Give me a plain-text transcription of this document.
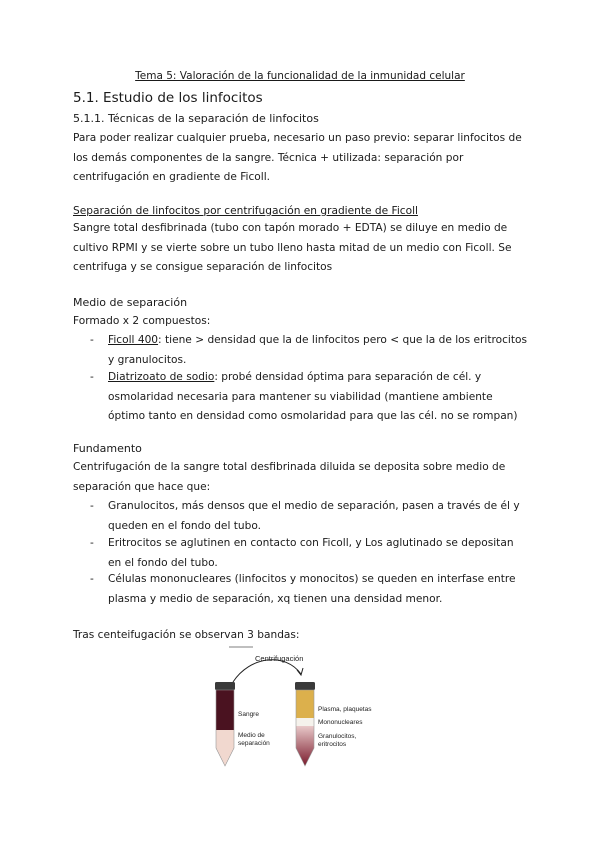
Tema 5: Valoración de la funcionalidad de la inmunidad celular
5.1. Estudio de los linfocitos
5.1.1. Técnicas de la separación de linfocitos

Para poder realizar cualquier prueba, necesario un paso previo: separar linfocitos de los demás componentes de la sangre. Técnica + utilizada: separación por centrifugación en gradiente de Ficoll.

Separación de linfocitos por centrifugación en gradiente de Ficoll

Sangre total desfibrinada (tubo con tapón morado + EDTA) se diluye en medio de cultivo RPMI y se vierte sobre un tubo lleno hasta mitad de un medio con Ficoll. Se centrifuga y se consigue separación de linfocitos

Medio de separación

Formado x 2 compuestos:

- Ficoll 400: tiene > densidad que la de linfocitos pero < que la de los eritrocitos y granulocitos.
- Diatrizoato de sodio: probé densidad óptima para separación de cél. y osmolaridad necesaria para mantener su viabilidad (mantiene ambiente óptimo tanto en densidad como osmolaridad para que las cél. no se rompan)
Fundamento

Centrifugación de la sangre total desfibrinada diluida se deposita sobre medio de separación que hace que:

- Granulocitos, más densos que el medio de separación, pasen a través de él y queden en el fondo del tubo.
- Eritrocitos se aglutinen en contacto con Ficoll, y Los aglutinado se depositan en el fondo del tubo.
- Células mononucleares (linfocitos y monocitos) se queden en interfase entre plasma y medio de separación, xq tienen una densidad menor.

Tras centeifugación se observan 3 bandas:

Centrifugación
Sangre
Medio de
separación
Plasma, plaquetas
Mononucleares
Granulocitos,
eritrocitos
